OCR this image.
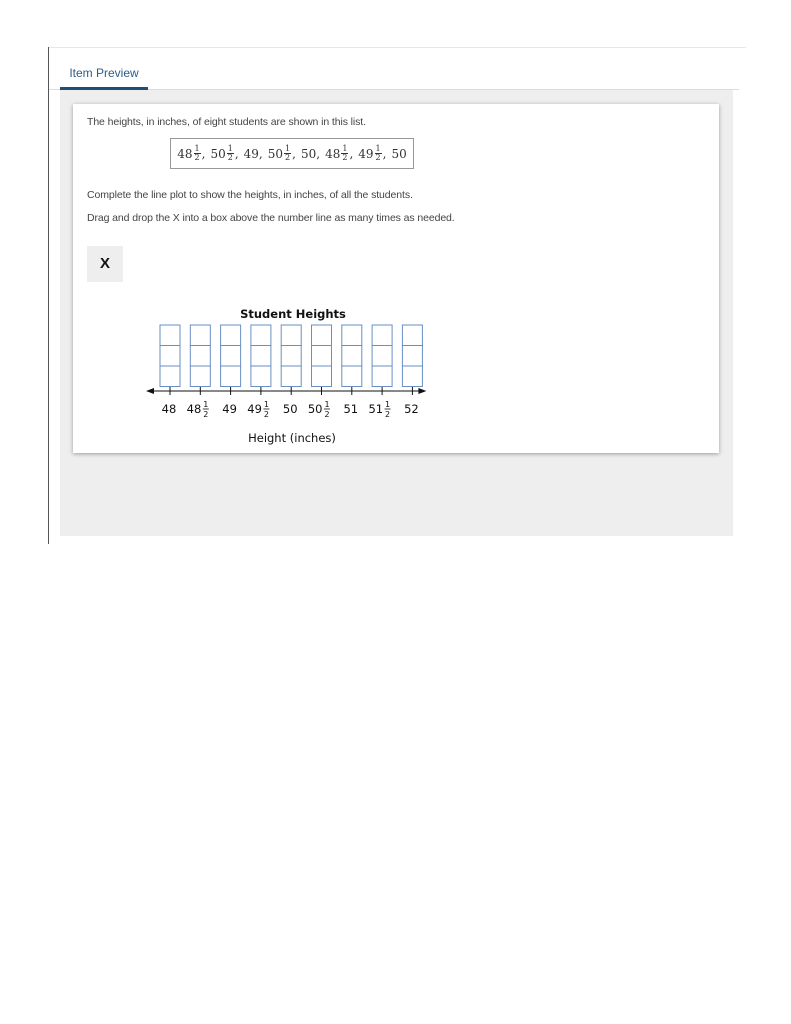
Item Preview
The heights, in inches, of eight students are shown in this list.
$48 \frac{1}{2}$ , $50 \frac{1}{2}$ , 49 , $50 \frac{1}{2}$ , 50 , $48 \frac{1}{2}$ , $49 \frac{1}{2}$ , 50
Complete the line plot to show the heights, in inches, of all the students.
Drag and drop the X into a box above the number line as many times as needed.
X
Student Heights
48 48 1
2 49 49 1
2 50 50 1
2 51 51 1
2 52
Height (inches)
